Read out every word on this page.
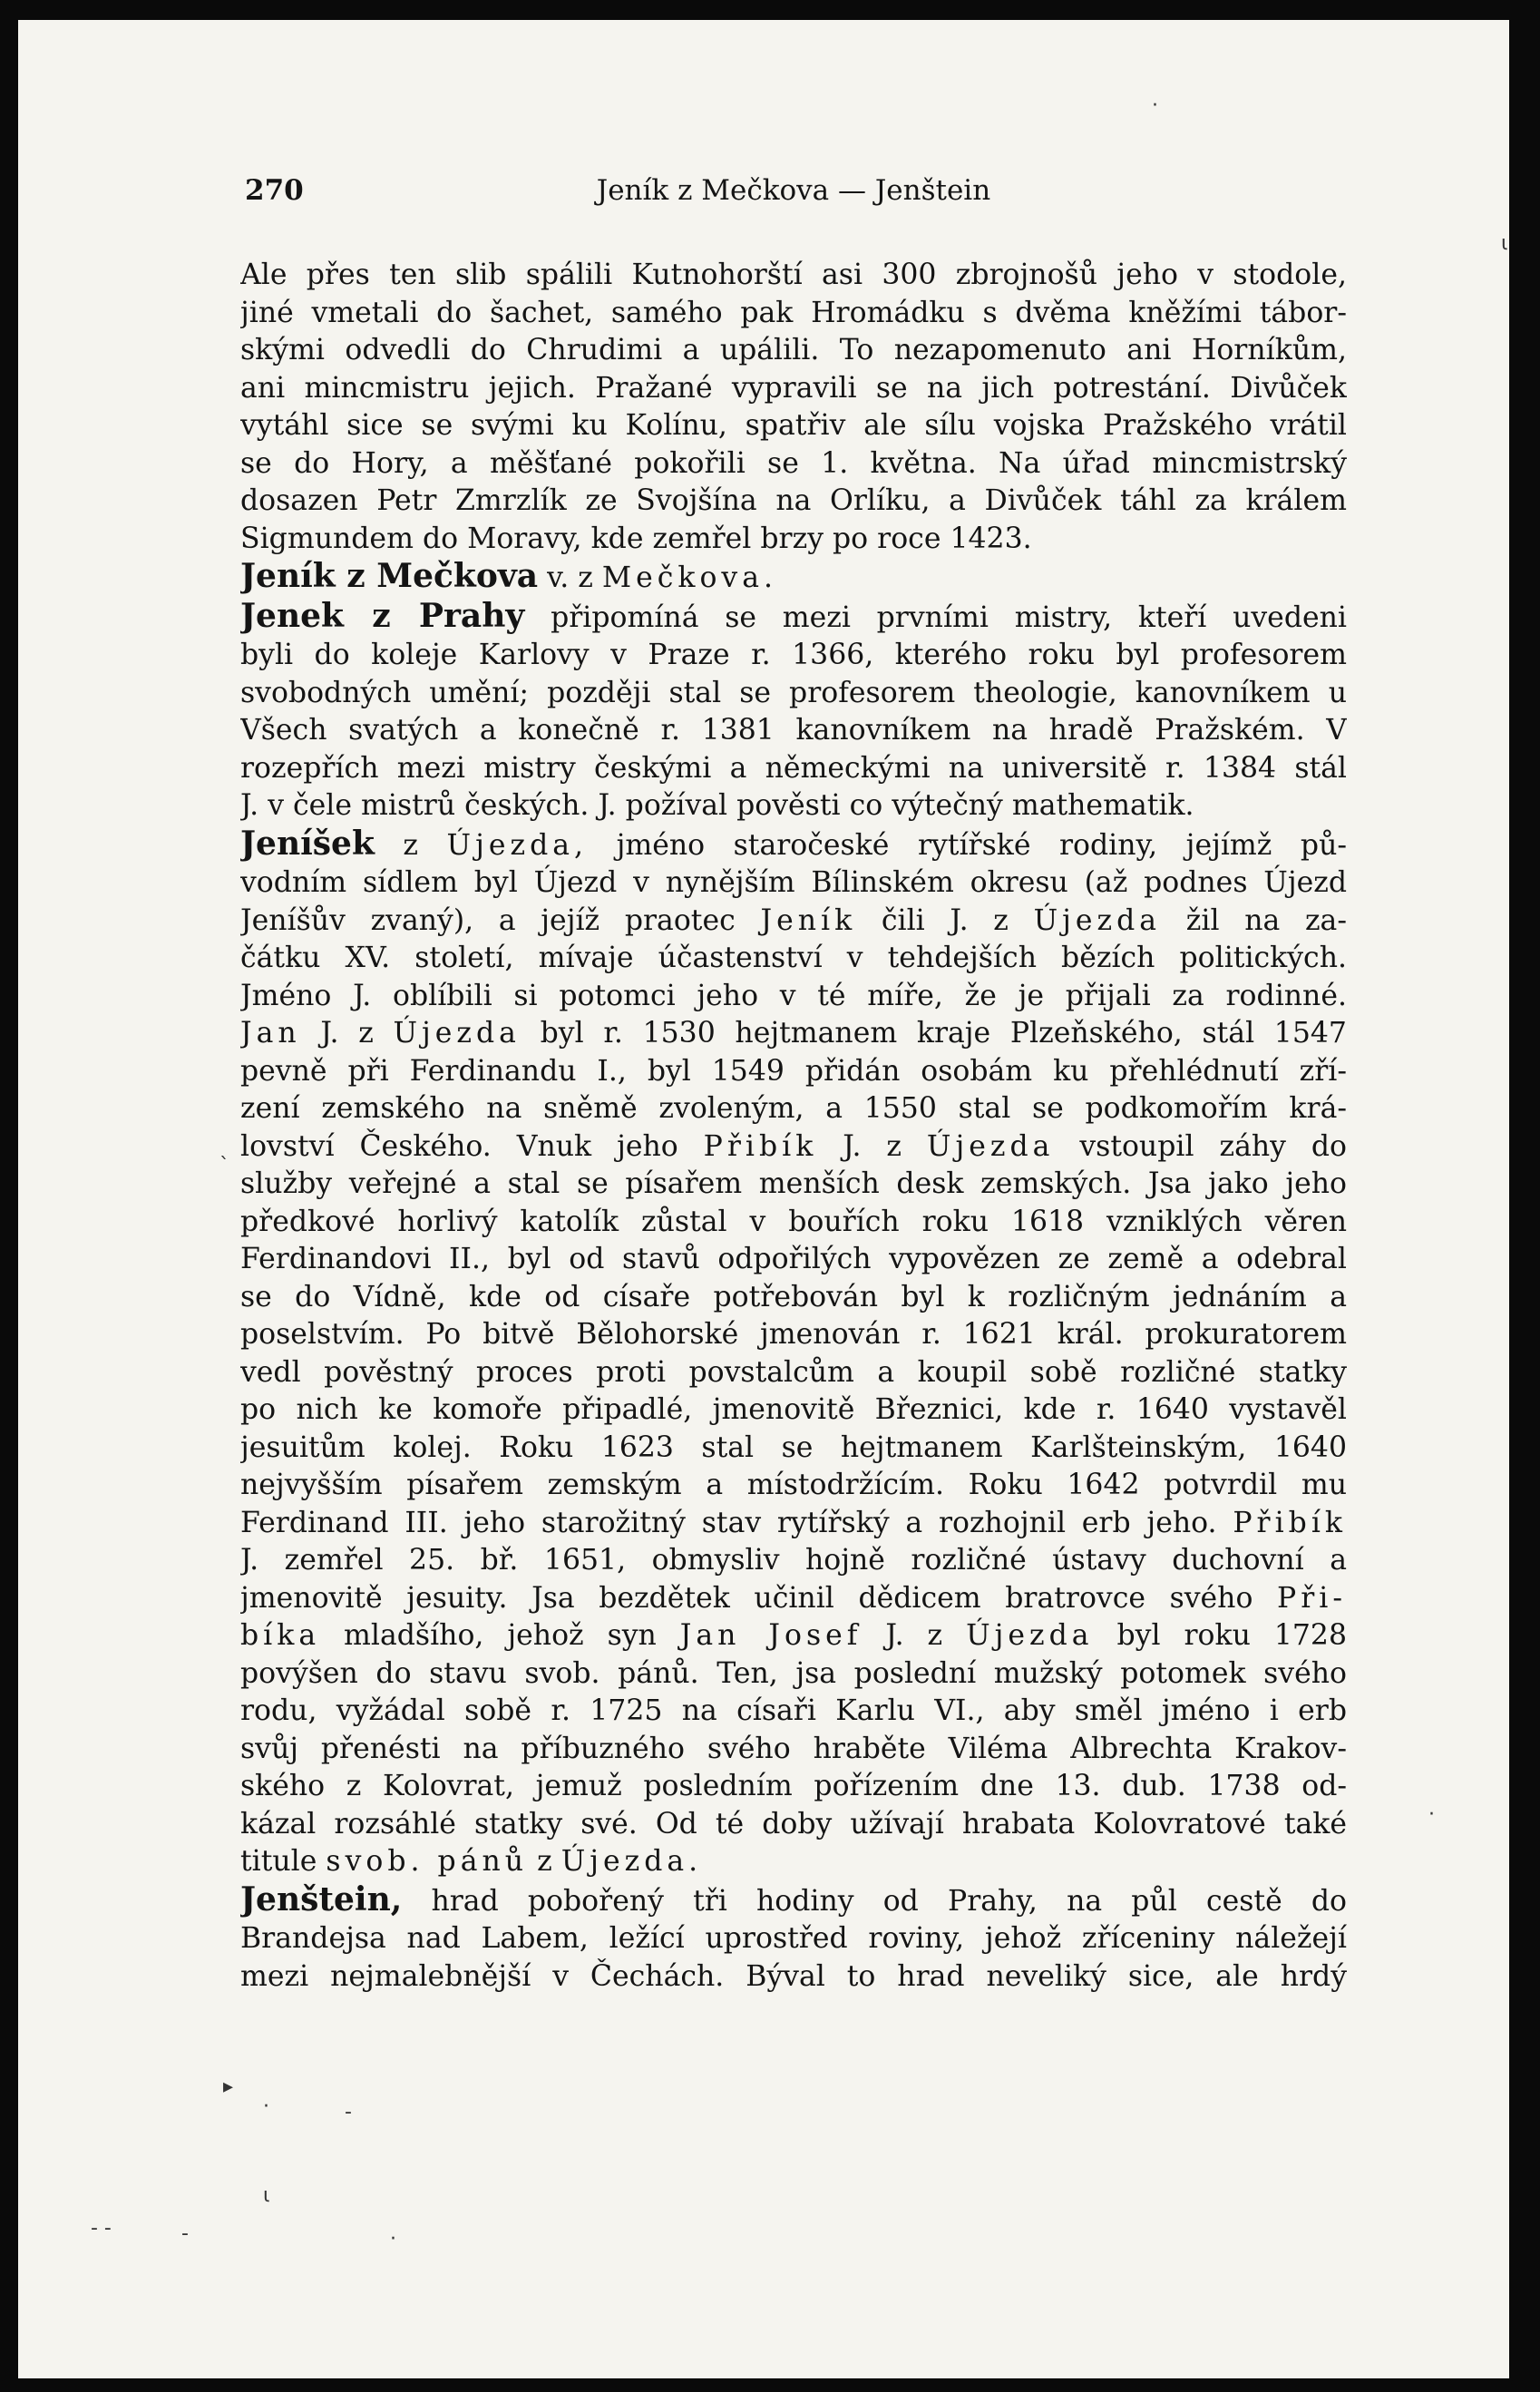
270	Jeník z Mečkova — Jenštein
Ale přes ten slib spálili Kutnohorští asi 300 zbrojnošů jeho v stodole,
jiné vmetali do šachet, samého pak Hromádku s dvěma kněžími tábor-
skými odvedli do Chrudimi a upálili. To nezapomenuto ani Horníkům,
ani mincmistru jejich. Pražané vypravili se na jich potrestání. Divůček
vytáhl sice se svými ku Kolínu, spatřiv ale sílu vojska Pražského vrátil
se do Hory, a měšťané pokořili se 1. května. Na úřad mincmistrský
dosazen Petr Zmrzlík ze Svojšína na Orlíku, a Divůček táhl za králem
Sigmundem do Moravy, kde zemřel brzy po roce 1423.
Jeník z Mečkova v. z Mečkova.
Jenek z Prahy připomíná se mezi prvními mistry, kteří uvedeni
byli do koleje Karlovy v Praze r. 1366, kterého roku byl profesorem
svobodných umění; později stal se profesorem theologie, kanovníkem u
Všech svatých a konečně r. 1381 kanovníkem na hradě Pražském. V
rozepřích mezi mistry českými a německými na universitě r. 1384 stál
J. v čele mistrů českých. J. požíval pověsti co výtečný mathematik.
Jeníšek z Újezda, jméno staročeské rytířské rodiny, jejímž pů-
vodním sídlem byl Újezd v nynějším Bílinském okresu (až podnes Újezd
Jeníšův zvaný), a jejíž praotec Jeník čili J. z Újezda žil na za-
čátku XV. století, mívaje účastenství v tehdejších bězích politických.
Jméno J. oblíbili si potomci jeho v té míře, že je přijali za rodinné.
Jan J. z Újezda byl r. 1530 hejtmanem kraje Plzeňského, stál 1547
pevně při Ferdinandu I., byl 1549 přidán osobám ku přehlédnutí zří-
zení zemského na sněmě zvoleným, a 1550 stal se podkomořím krá-
lovství Českého. Vnuk jeho Přibík J. z Újezda vstoupil záhy do
služby veřejné a stal se písařem menších desk zemských. Jsa jako jeho
předkové horlivý katolík zůstal v bouřích roku 1618 vzniklých věren
Ferdinandovi II., byl od stavů odpořilých vypovězen ze země a odebral
se do Vídně, kde od císaře potřebován byl k rozličným jednáním a
poselstvím. Po bitvě Bělohorské jmenován r. 1621 král. prokuratorem
vedl pověstný proces proti povstalcům a koupil sobě rozličné statky
po nich ke komoře připadlé, jmenovitě Březnici, kde r. 1640 vystavěl
jesuitům kolej. Roku 1623 stal se hejtmanem Karlšteinským, 1640
nejvyšším písařem zemským a místodržícím. Roku 1642 potvrdil mu
Ferdinand III. jeho starožitný stav rytířský a rozhojnil erb jeho. Přibík
J. zemřel 25. bř. 1651, obmysliv hojně rozličné ústavy duchovní a
jmenovitě jesuity. Jsa bezdětek učinil dědicem bratrovce svého Při-
bíka mladšího, jehož syn Jan Josef J. z Újezda byl roku 1728
povýšen do stavu svob. pánů. Ten, jsa poslední mužský potomek svého
rodu, vyžádal sobě r. 1725 na císaři Karlu VI., aby směl jméno i erb
svůj přenésti na příbuzného svého hraběte Viléma Albrechta Krakov-
ského z Kolovrat, jemuž posledním pořízením dne 13. dub. 1738 od-
kázal rozsáhlé statky své. Od té doby užívají hrabata Kolovratové také
titule svob. pánů z Újezda.
Jenštein, hrad pobořený tři hodiny od Prahy, na půl cestě do
Brandejsa nad Labem, ležící uprostřed roviny, jehož zříceniny náležejí
mezi nejmalebnější v Čechách. Býval to hrad neveliký sice, ale hrdý
·
ι
·
ˋ
▸
·	‐
ι
‐ ‐	‐	·
